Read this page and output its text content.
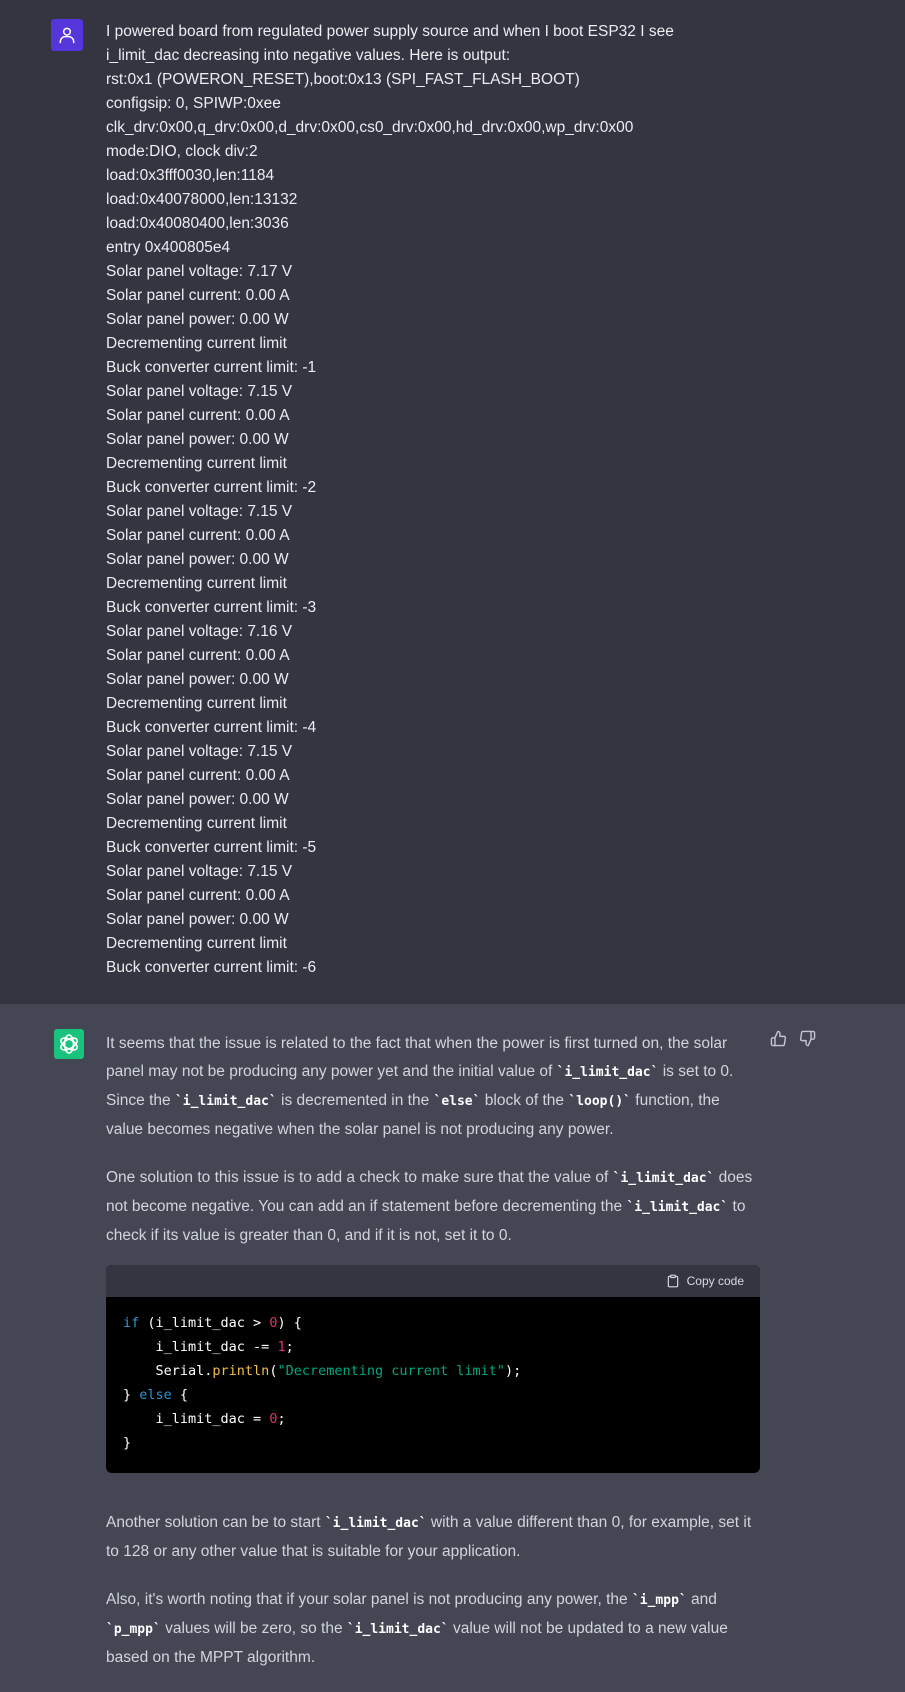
I powered board from regulated power supply source and when I boot ESP32 I see
i_limit_dac decreasing into negative values. Here is output:
rst:0x1 (POWERON_RESET),boot:0x13 (SPI_FAST_FLASH_BOOT)
configsip: 0, SPIWP:0xee
clk_drv:0x00,q_drv:0x00,d_drv:0x00,cs0_drv:0x00,hd_drv:0x00,wp_drv:0x00
mode:DIO, clock div:2
load:0x3fff0030,len:1184
load:0x40078000,len:13132
load:0x40080400,len:3036
entry 0x400805e4
Solar panel voltage: 7.17 V
Solar panel current: 0.00 A
Solar panel power: 0.00 W
Decrementing current limit
Buck converter current limit: -1
Solar panel voltage: 7.15 V
Solar panel current: 0.00 A
Solar panel power: 0.00 W
Decrementing current limit
Buck converter current limit: -2
Solar panel voltage: 7.15 V
Solar panel current: 0.00 A
Solar panel power: 0.00 W
Decrementing current limit
Buck converter current limit: -3
Solar panel voltage: 7.16 V
Solar panel current: 0.00 A
Solar panel power: 0.00 W
Decrementing current limit
Buck converter current limit: -4
Solar panel voltage: 7.15 V
Solar panel current: 0.00 A
Solar panel power: 0.00 W
Decrementing current limit
Buck converter current limit: -5
Solar panel voltage: 7.15 V
Solar panel current: 0.00 A
Solar panel power: 0.00 W
Decrementing current limit
Buck converter current limit: -6

It seems that the issue is related to the fact that when the power is first turned on, the solar panel may not be producing any power yet and the initial value of `i_limit_dac` is set to 0. Since the `i_limit_dac` is decremented in the `else` block of the `loop()` function, the value becomes negative when the solar panel is not producing any power.

One solution to this issue is to add a check to make sure that the value of `i_limit_dac` does not become negative. You can add an if statement before decrementing the `i_limit_dac` to check if its value is greater than 0, and if it is not, set it to 0.

Copy code
if (i_limit_dac > 0) {
i_limit_dac -= 1;
Serial.println("Decrementing current limit");
} else {
i_limit_dac = 0;
}

Another solution can be to start `i_limit_dac` with a value different than 0, for example, set it to 128 or any other value that is suitable for your application.

Also, it's worth noting that if your solar panel is not producing any power, the `i_mpp` and `p_mpp` values will be zero, so the `i_limit_dac` value will not be updated to a new value based on the MPPT algorithm.
